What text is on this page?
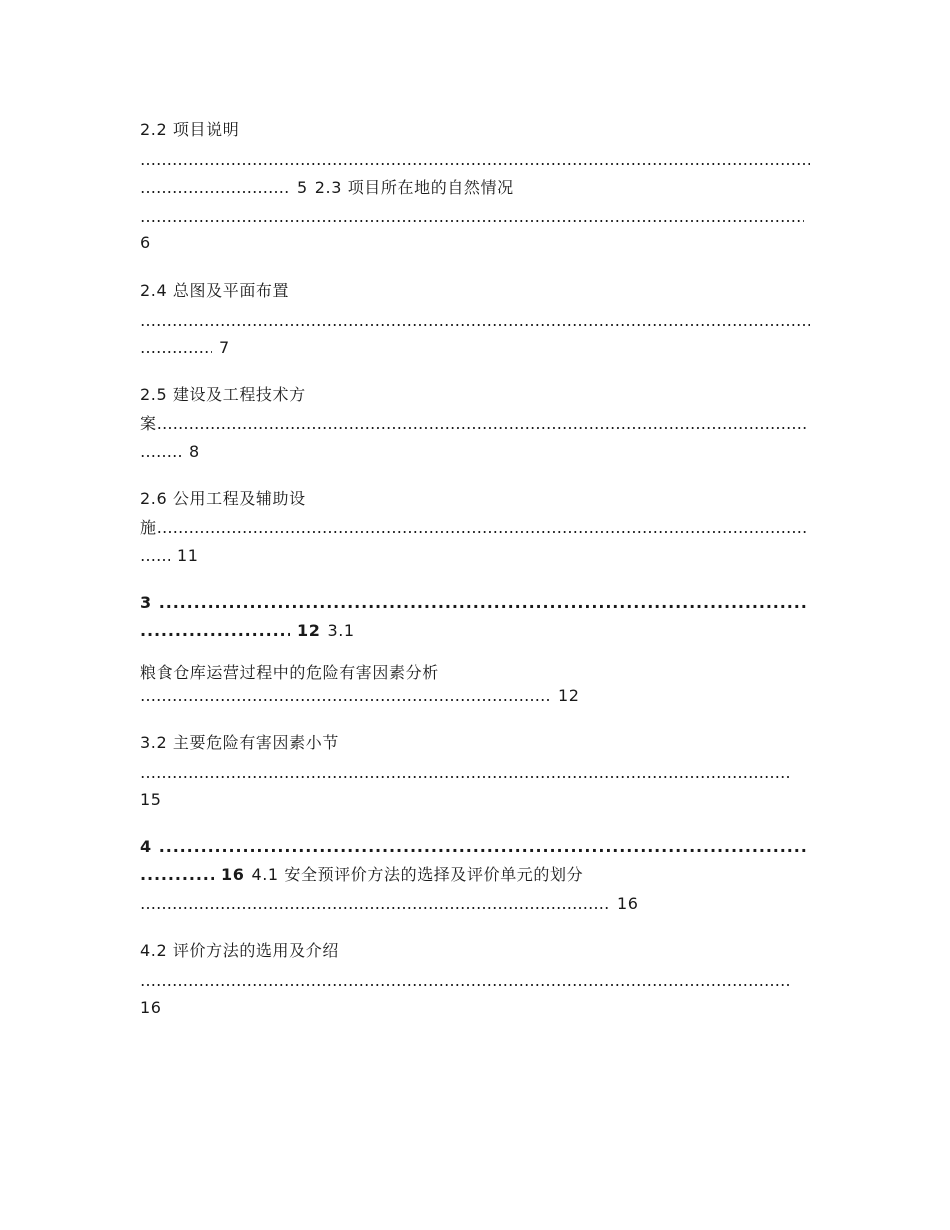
2.2 项目说明
……………………………………………………………………………………………………………………………………………………………………………………………………
……………………………………………………………………………………………………………………………………………………………………………………………………5 2.3 项目所在地的自然情况
……………………………………………………………………………………………………………………………………………………………………………………………………
6
2.4 总图及平面布置
……………………………………………………………………………………………………………………………………………………………………………………………………
……………………………………………………………………………………………………………………………………………………………………………………………………7
2.5 建设及工程技术方
案……………………………………………………………………………………………………………………………………………………………………………………………………
……………………………………………………………………………………………………………………………………………………………………………………………………8
2.6 公用工程及辅助设
施……………………………………………………………………………………………………………………………………………………………………………………………………
……………………………………………………………………………………………………………………………………………………………………………………………………11
3.....
.....12 3.1
粮食仓库运营过程中的危险有害因素分析
……………………………………………………………………………………………………………………………………………………………………………………………………12
3.2 主要危险有害因素小节
……………………………………………………………………………………………………………………………………………………………………………………………………
15
4.....
.....16 4.1 安全预评价方法的选择及评价单元的划分
……………………………………………………………………………………………………………………………………………………………………………………………………16
4.2 评价方法的选用及介绍
……………………………………………………………………………………………………………………………………………………………………………………………………
16
